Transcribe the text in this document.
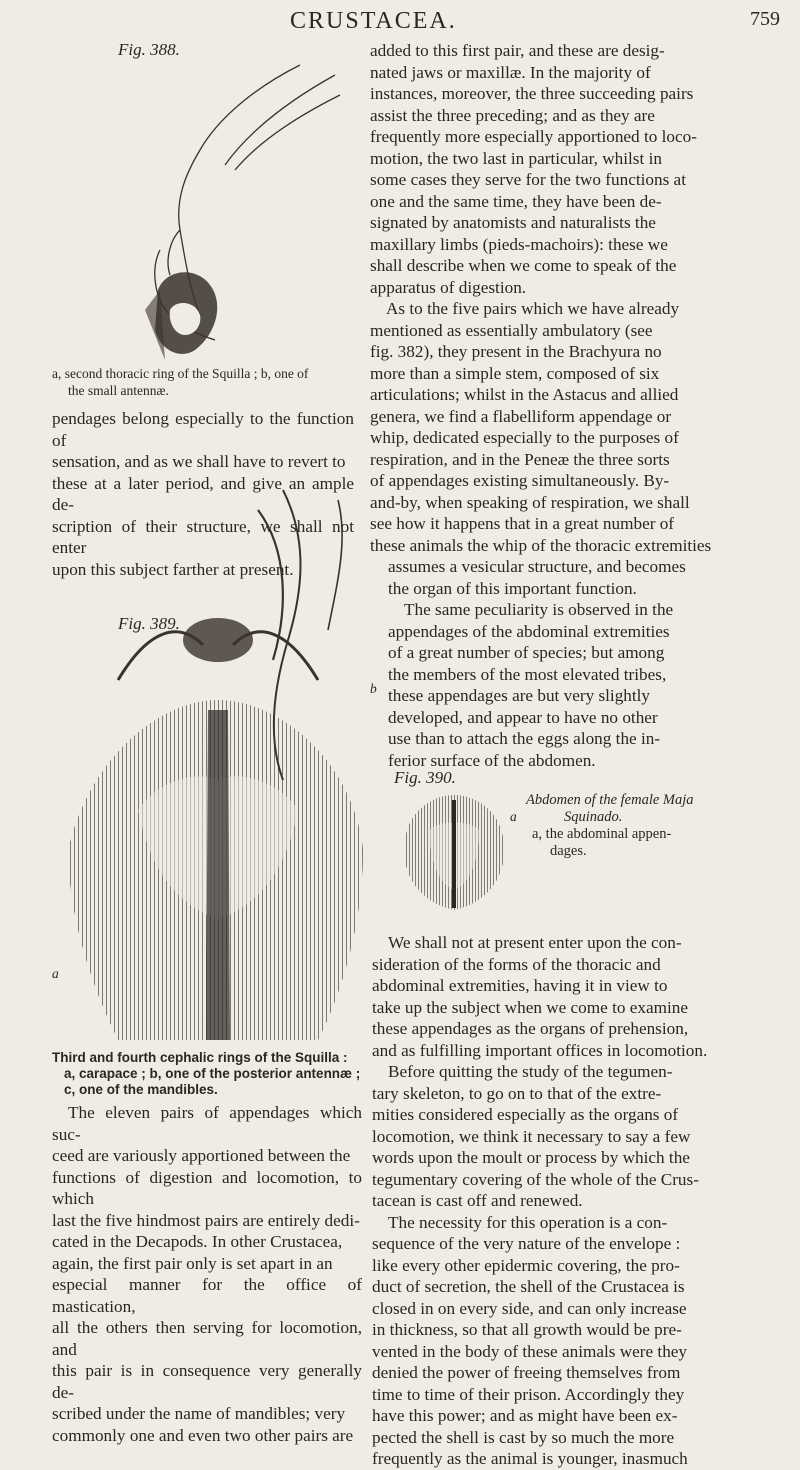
CRUSTACEA.	759
Fig. 388.
a, second thoracic ring of the Squilla ; b, one of
the small antennæ.
pendages belong especially to the function of
sensation, and as we shall have to revert to
these at a later period, and give an ample de-
scription of their structure, we shall not enter
upon this subject farther at present.
Fig. 389.
a
b
Third and fourth cephalic rings of the Squilla :
a, carapace ; b, one of the posterior antennæ ;
c, one of the mandibles.
The eleven pairs of appendages which suc-
ceed are variously apportioned between the
functions of digestion and locomotion, to which
last the five hindmost pairs are entirely dedi-
cated in the Decapods. In other Crustacea,
again, the first pair only is set apart in an
especial manner for the office of mastication,
all the others then serving for locomotion, and
this pair is in consequence very generally de-
scribed under the name of mandibles; very
commonly one and even two other pairs are
added to this first pair, and these are desig-
nated jaws or maxillæ. In the majority of
instances, moreover, the three succeeding pairs
assist the three preceding; and as they are
frequently more especially apportioned to loco-
motion, the two last in particular, whilst in
some cases they serve for the two functions at
one and the same time, they have been de-
signated by anatomists and naturalists the
maxillary limbs (pieds-machoirs): these we
shall describe when we come to speak of the
apparatus of digestion.
As to the five pairs which we have already
mentioned as essentially ambulatory (see
fig. 382), they present in the Brachyura no
more than a simple stem, composed of six
articulations; whilst in the Astacus and allied
genera, we find a flabelliform appendage or
whip, dedicated especially to the purposes of
respiration, and in the Peneæ the three sorts
of appendages existing simultaneously. By-
and-by, when speaking of respiration, we shall
see how it happens that in a great number of
these animals the whip of the thoracic extremities
assumes a vesicular structure, and becomes
the organ of this important function.
The same peculiarity is observed in the
appendages of the abdominal extremities
of a great number of species; but among
the members of the most elevated tribes,
these appendages are but very slightly
developed, and appear to have no other
use than to attach the eggs along the in-
ferior surface of the abdomen.
Fig. 390.
a
Abdomen of the female Maja
Squinado.
a, the abdominal appen-
dages.
We shall not at present enter upon the con-
sideration of the forms of the thoracic and
abdominal extremities, having it in view to
take up the subject when we come to examine
these appendages as the organs of prehension,
and as fulfilling important offices in locomotion.
Before quitting the study of the tegumen-
tary skeleton, to go on to that of the extre-
mities considered especially as the organs of
locomotion, we think it necessary to say a few
words upon the moult or process by which the
tegumentary covering of the whole of the Crus-
tacean is cast off and renewed.
The necessity for this operation is a con-
sequence of the very nature of the envelope :
like every other epidermic covering, the pro-
duct of secretion, the shell of the Crustacea is
closed in on every side, and can only increase
in thickness, so that all growth would be pre-
vented in the body of these animals were they
denied the power of freeing themselves from
time to time of their prison. Accordingly they
have this power; and as might have been ex-
pected the shell is cast by so much the more
frequently as the animal is younger, inasmuch
